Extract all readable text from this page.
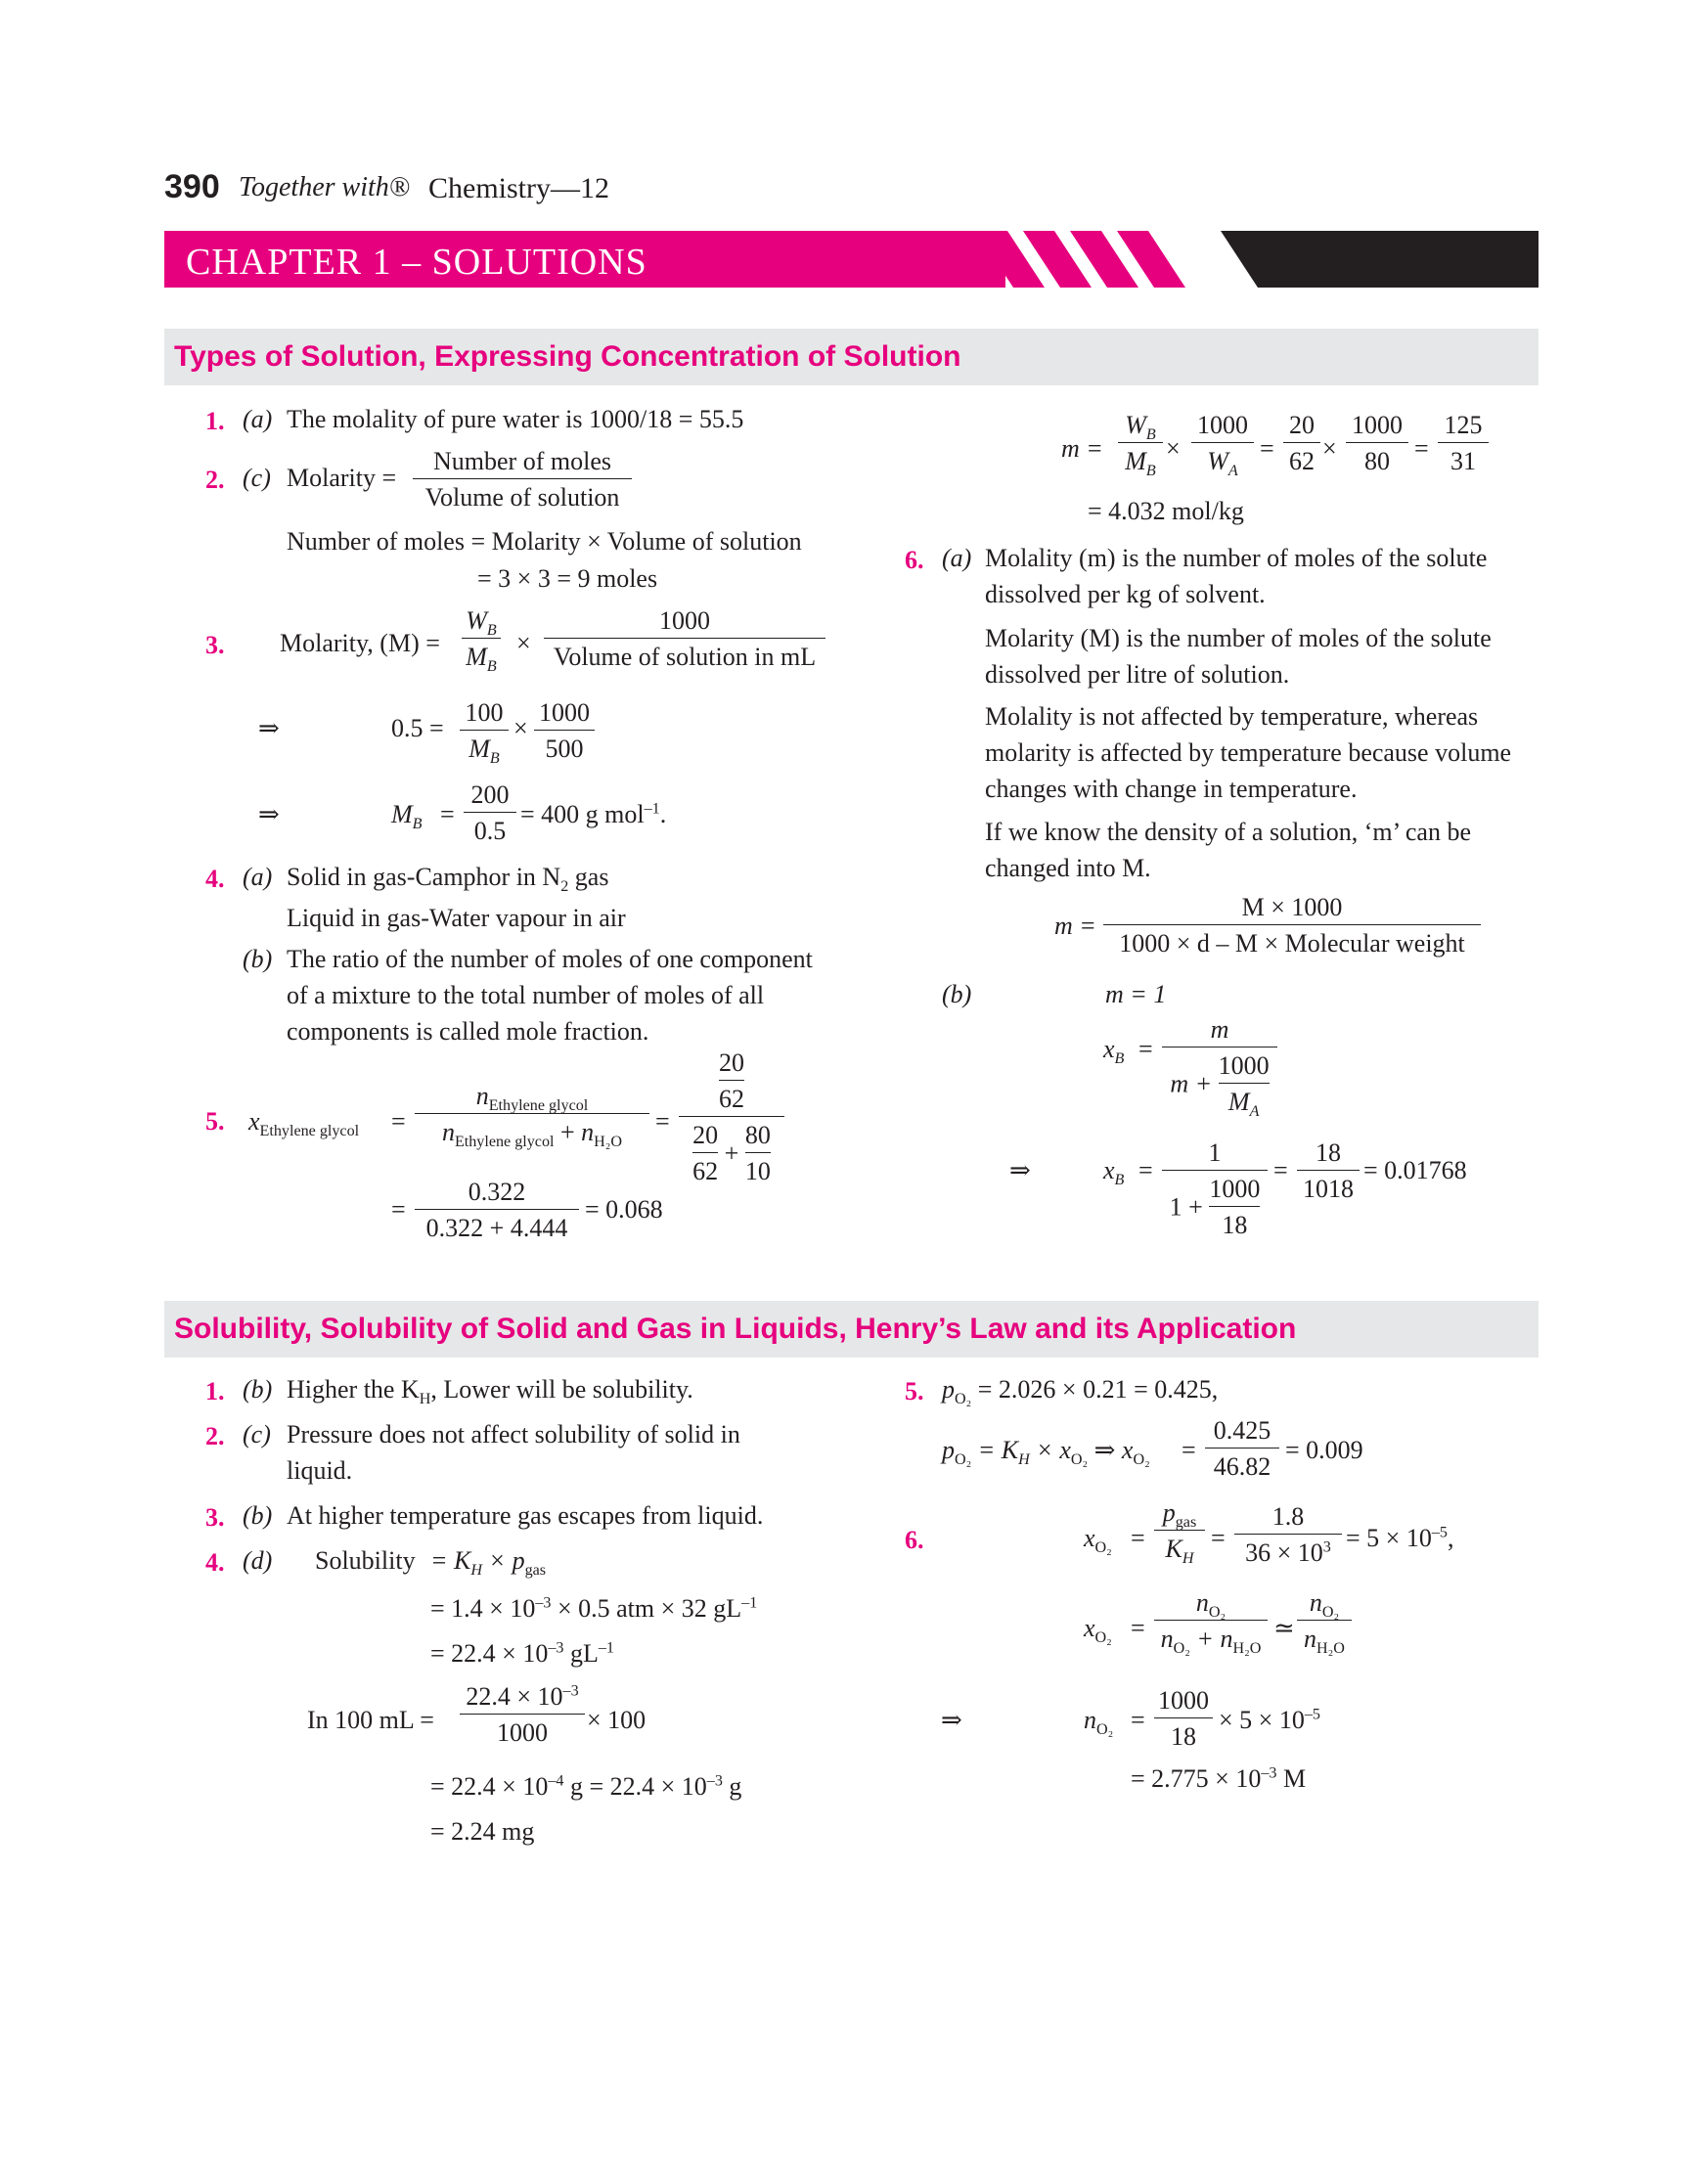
390 Together with® Chemistry—12
CHAPTER 1 – SOLUTIONS
Types of Solution, Expressing Concentration of Solution
1. (a) The molality of pure water is 1000/18 = 55.5
2. (c) Molarity =
Number of moles
Volume of solution
Number of moles = Molarity × Volume of solution
= 3 × 3 = 9 moles
3. Molarity, $(M) = \frac{W_B}{M_B}$ ×
1000
Volume of solution in mL
⇒	$0.5 = \frac{100}{M_B} \times \frac{1000}{500}$
⇒	$M_B = \frac{200}{0.5} = 400$ g mol$^{-1}$.
4. (a) Solid in gas-Camphor in $N_2$ gas
Liquid in gas-Water vapour in air
(b) The ratio of the number of moles of one component
of a mixture to the total number of moles of all
components is called mole fraction.
5. $x_{Ethylene glycol}$ =
$n_{Ethylene glycol}$
$n_{Ethylene glycol} + n_{H_2O}$
= $\frac{\frac{20}{62}}{\frac{20}{62} + \frac{80}{10}}$
= $\frac{0.322}{0.322 + 4.444} = 0.068$
$m = \frac{W_B}{M_B} \times \frac{1000}{W_A} = \frac{20}{62} \times \frac{1000}{80} = \frac{125}{31}$
= 4.032 mol/kg
6. (a) Molality (m) is the number of moles of the solute
dissolved per kg of solvent.
Molarity (M) is the number of moles of the solute
dissolved per litre of solution.
Molality is not affected by temperature, whereas
molarity is affected by temperature because volume
changes with change in temperature.
If we know the density of a solution, ‘m’ can be
changed into M.
m =
M × 1000
1000 × d – M × Molecular weight
(b)	m = 1
$x_B = \frac{m}{m + \frac{1000}{M_A}}$
⇒	$x_B = \frac{1}{1 + \frac{1000}{18}} = \frac{18}{1018} = 0.01768$
Solubility, Solubility of Solid and Gas in Liquids, Henry’s Law and its Application
1. (b) Higher the $K_H$, Lower will be solubility.
2. (c) Pressure does not affect solubility of solid in
liquid.
3. (b) At higher temperature gas escapes from liquid.
4. (d) Solubility = $K_H \times p_{gas}$
= $1.4 \times 10^{-3} \times 0.5$ atm × 32 $gL^{-1}$
= $22.4 \times 10^{-3}$ $gL^{-1}$
In 100 mL = $\frac{22.4 \times 10^{-3}}{1000} \times 100$
= $22.4 \times 10^{-4}$ $g = 22.4 \times 10^{-3}$ g
= 2.24 mg
5. $p_{O_2} = 2.026 \times 0.21 = 0.425$,
$p_{O_2} = K_H \times x_{O_2}$ ⇒ $x_{O_2} = \frac{0.425}{46.82} = 0.009$
6.	$x_{O_2}$ =
$p_{gas}$
$K_H$
= $\frac{1.8}{36 \times 10^3} = 5 \times 10^{-5}$,
$x_{O_2} = \frac{n_{O_2}}{n_{O_2} + n_{H_2O}}$ ≃ $\frac{n_{O_2}}{n_{H_2O}}$
⇒	$n_{O_2} = \frac{1000}{18} \times 5 \times 10^{-5}$
= $2.775 \times 10^{-3}$ M
